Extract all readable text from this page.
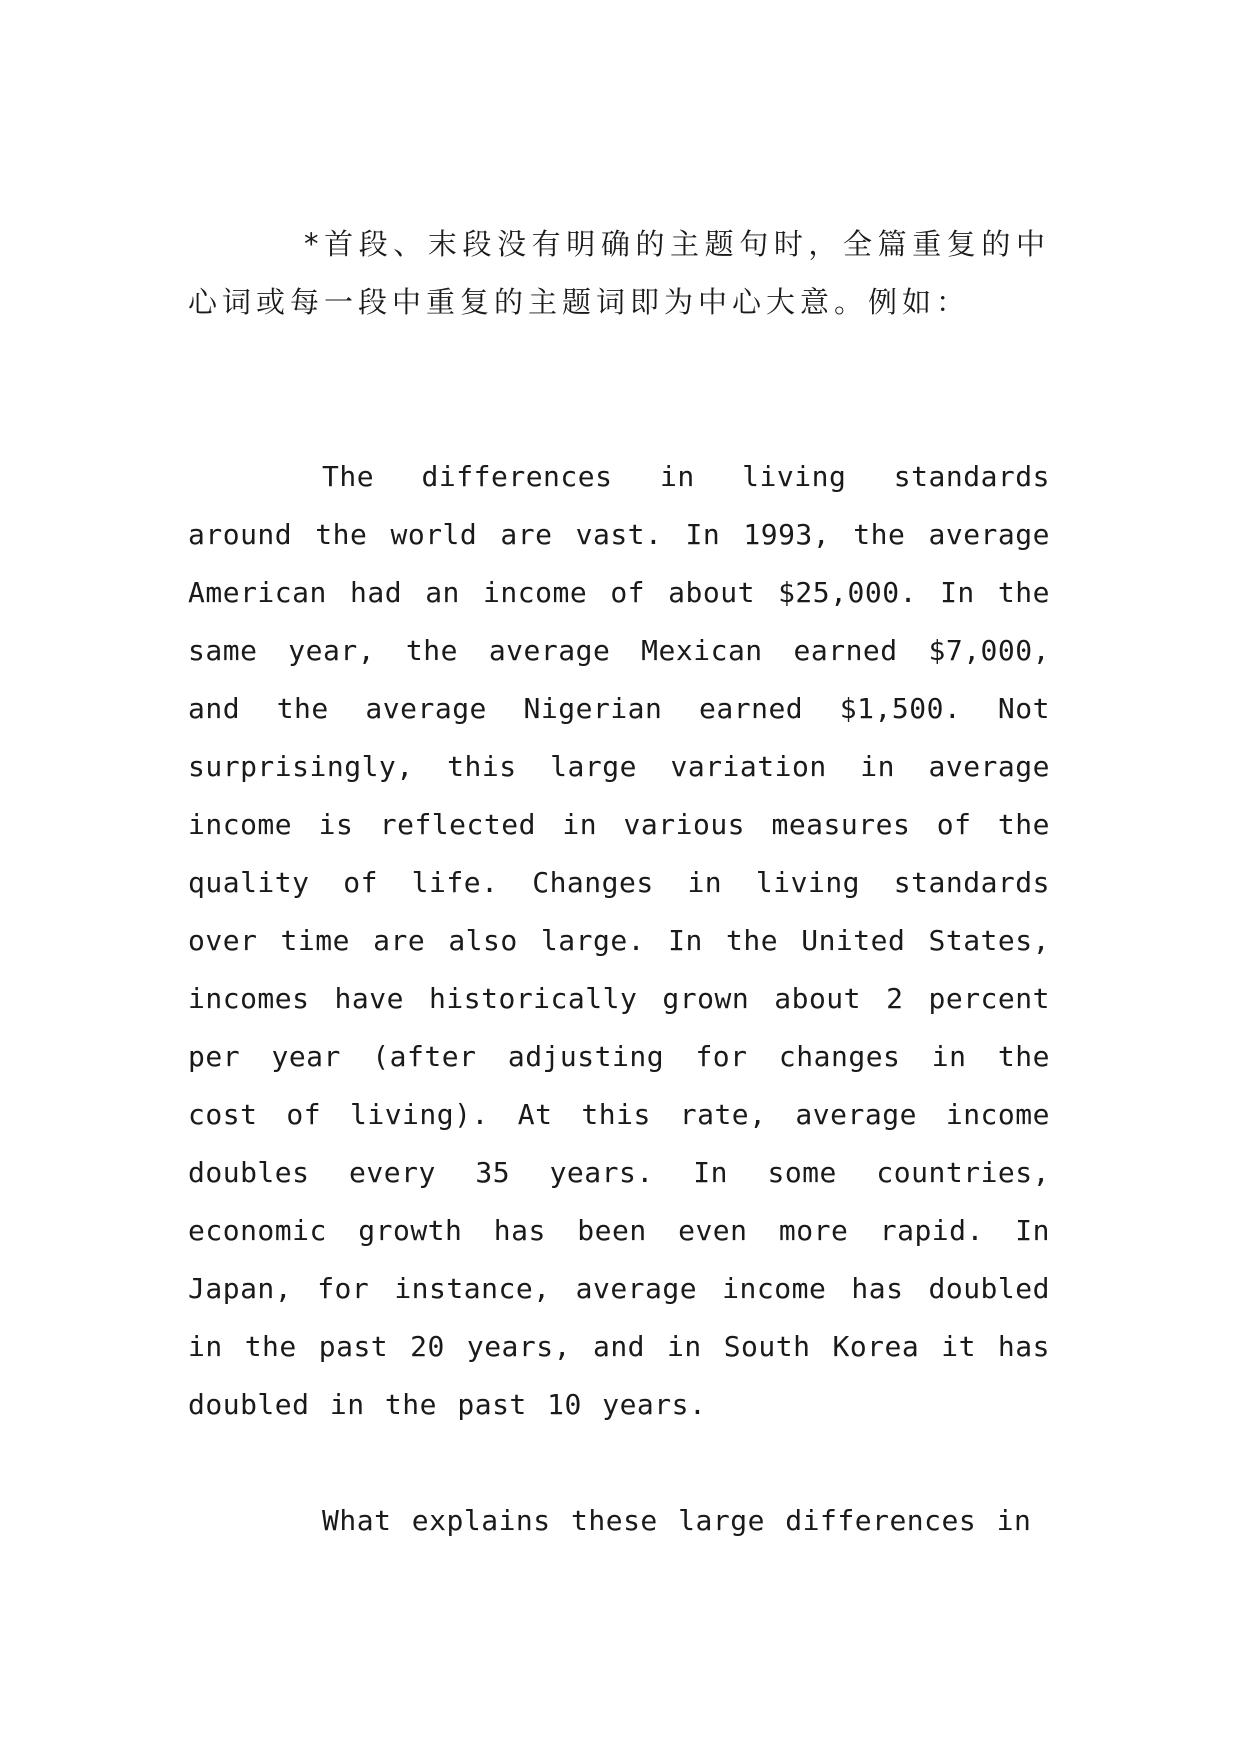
*首段、末段没有明确的主题句时，全篇重复的中心词或每一段中重复的主题词即为中心大意。例如：

The differences in living standards around the world are vast. In 1993, the average American had an income of about $25,000. In the same year, the average Mexican earned $7,000, and the average Nigerian earned $1,500. Not surprisingly, this large variation in average income is reflected in various measures of the quality of life. Changes in living standards over time are also large. In the United States, incomes have historically grown about 2 percent per year (after adjusting for changes in the cost of living). At this rate, average income doubles every 35 years. In some countries, economic growth has been even more rapid. In Japan, for instance, average income has doubled in the past 20 years, and in South Korea it has doubled in the past 10 years.

What explains these large differences in
